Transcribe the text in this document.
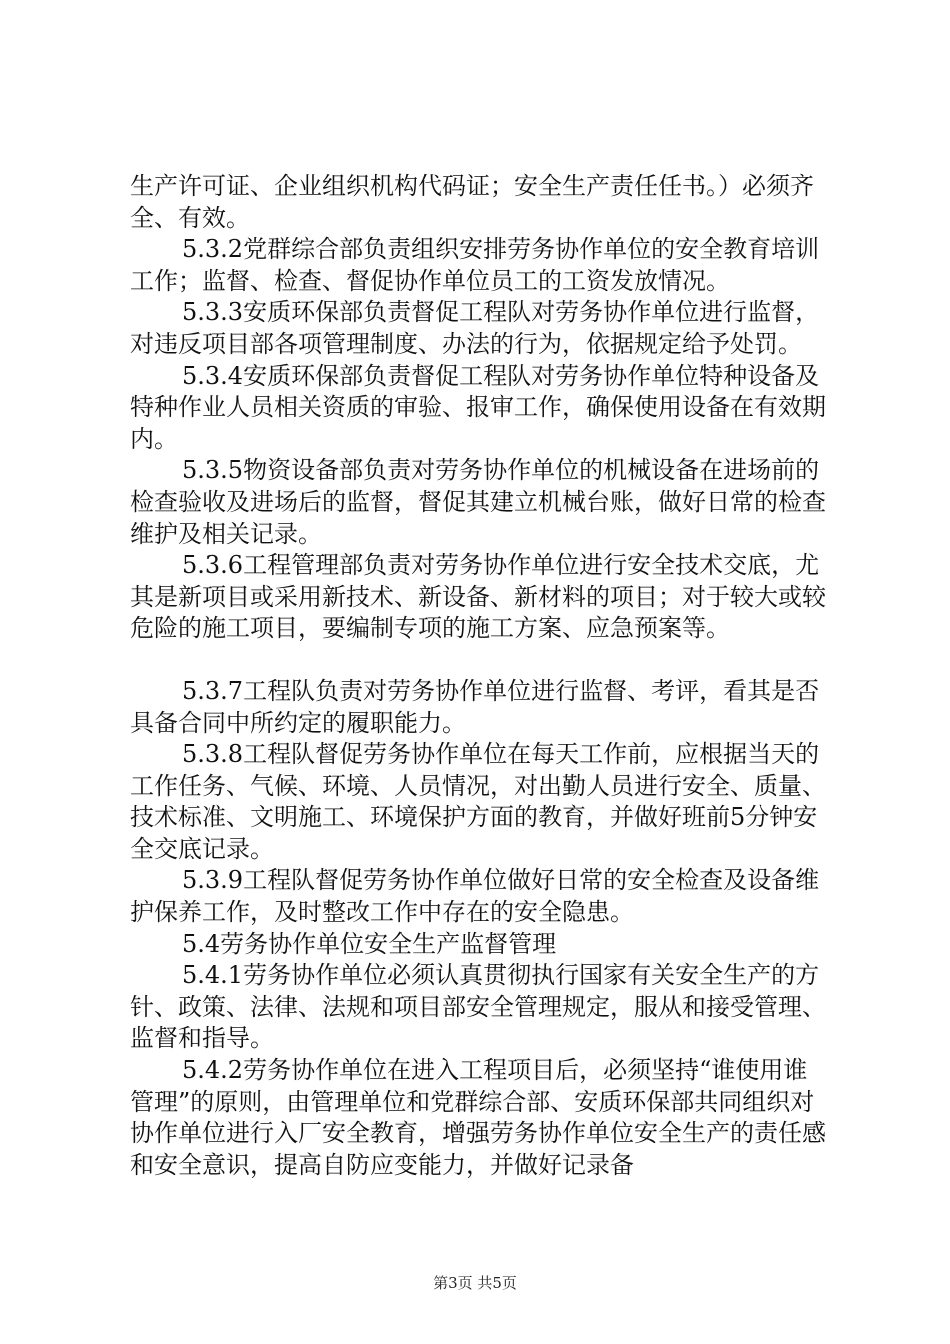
生产许可证、企业组织机构代码证；安全生产责任任书。）必须齐全、有效。

5.3.2党群综合部负责组织安排劳务协作单位的安全教育培训工作；监督、检查、督促协作单位员工的工资发放情况。

5.3.3安质环保部负责督促工程队对劳务协作单位进行监督，对违反项目部各项管理制度、办法的行为，依据规定给予处罚。

5.3.4安质环保部负责督促工程队对劳务协作单位特种设备及特种作业人员相关资质的审验、报审工作，确保使用设备在有效期内。

5.3.5物资设备部负责对劳务协作单位的机械设备在进场前的检查验收及进场后的监督，督促其建立机械台账，做好日常的检查维护及相关记录。

5.3.6工程管理部负责对劳务协作单位进行安全技术交底，尤其是新项目或采用新技术、新设备、新材料的项目；对于较大或较危险的施工项目，要编制专项的施工方案、应急预案等。

5.3.7工程队负责对劳务协作单位进行监督、考评，看其是否具备合同中所约定的履职能力。

5.3.8工程队督促劳务协作单位在每天工作前，应根据当天的工作任务、气候、环境、人员情况，对出勤人员进行安全、质量、技术标准、文明施工、环境保护方面的教育，并做好班前5分钟安全交底记录。

5.3.9工程队督促劳务协作单位做好日常的安全检查及设备维护保养工作，及时整改工作中存在的安全隐患。

5.4劳务协作单位安全生产监督管理

5.4.1劳务协作单位必须认真贯彻执行国家有关安全生产的方针、政策、法律、法规和项目部安全管理规定，服从和接受管理、监督和指导。

5.4.2劳务协作单位在进入工程项目后，必须坚持“谁使用谁管理”的原则，由管理单位和党群综合部、安质环保部共同组织对协作单位进行入厂安全教育，增强劳务协作单位安全生产的责任感和安全意识，提高自防应变能力，并做好记录备

第3页 共5页
